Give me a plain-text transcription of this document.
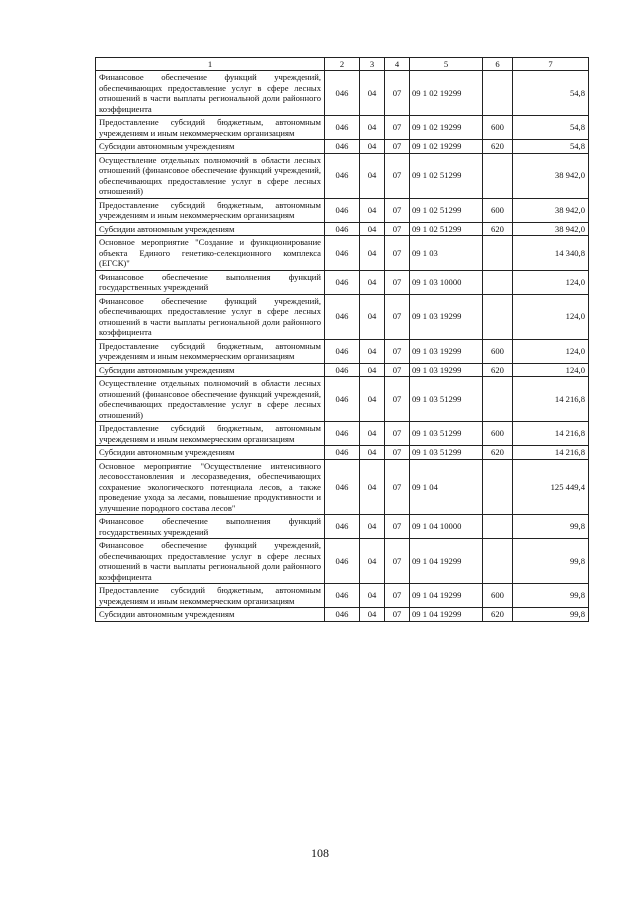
1	2	3	4	5	6	7
Финансовое обеспечение функций учреждений, обеспечивающих предоставление услуг в сфере лесных отношений в части выплаты региональной доли районного коэффициента	046	04	07	09 1 02 19299		54,8
Предоставление субсидий бюджетным, автономным учреждениям и иным некоммерческим организациям	046	04	07	09 1 02 19299	600	54,8
Субсидии автономным учреждениям	046	04	07	09 1 02 19299	620	54,8
Осуществление отдельных полномочий в области лесных отношений (финансовое обеспечение функций учреждений, обеспечивающих предоставление услуг в сфере лесных отношений)	046	04	07	09 1 02 51299		38 942,0
Предоставление субсидий бюджетным, автономным учреждениям и иным некоммерческим организациям	046	04	07	09 1 02 51299	600	38 942,0
Субсидии автономным учреждениям	046	04	07	09 1 02 51299	620	38 942,0
Основное мероприятие "Создание и функционирование объекта Единого генетико-селекционного комплекса (ЕГСК)"	046	04	07	09 1 03		14 340,8
Финансовое обеспечение выполнения функций государственных учреждений	046	04	07	09 1 03 10000		124,0
Финансовое обеспечение функций учреждений, обеспечивающих предоставление услуг в сфере лесных отношений в части выплаты региональной доли районного коэффициента	046	04	07	09 1 03 19299		124,0
Предоставление субсидий бюджетным, автономным учреждениям и иным некоммерческим организациям	046	04	07	09 1 03 19299	600	124,0
Субсидии автономным учреждениям	046	04	07	09 1 03 19299	620	124,0
Осуществление отдельных полномочий в области лесных отношений (финансовое обеспечение функций учреждений, обеспечивающих предоставление услуг в сфере лесных отношений)	046	04	07	09 1 03 51299		14 216,8
Предоставление субсидий бюджетным, автономным учреждениям и иным некоммерческим организациям	046	04	07	09 1 03 51299	600	14 216,8
Субсидии автономным учреждениям	046	04	07	09 1 03 51299	620	14 216,8
Основное мероприятие "Осуществление интенсивного лесовосстановления и лесоразведения, обеспечивающих сохранение экологического потенциала лесов, а также проведение ухода за лесами, повышение продуктивности и улучшение породного состава лесов"	046	04	07	09 1 04		125 449,4
Финансовое обеспечение выполнения функций государственных учреждений	046	04	07	09 1 04 10000		99,8
Финансовое обеспечение функций учреждений, обеспечивающих предоставление услуг в сфере лесных отношений в части выплаты региональной доли районного коэффициента	046	04	07	09 1 04 19299		99,8
Предоставление субсидий бюджетным, автономным учреждениям и иным некоммерческим организациям	046	04	07	09 1 04 19299	600	99,8
Субсидии автономным учреждениям	046	04	07	09 1 04 19299	620	99,8
108
